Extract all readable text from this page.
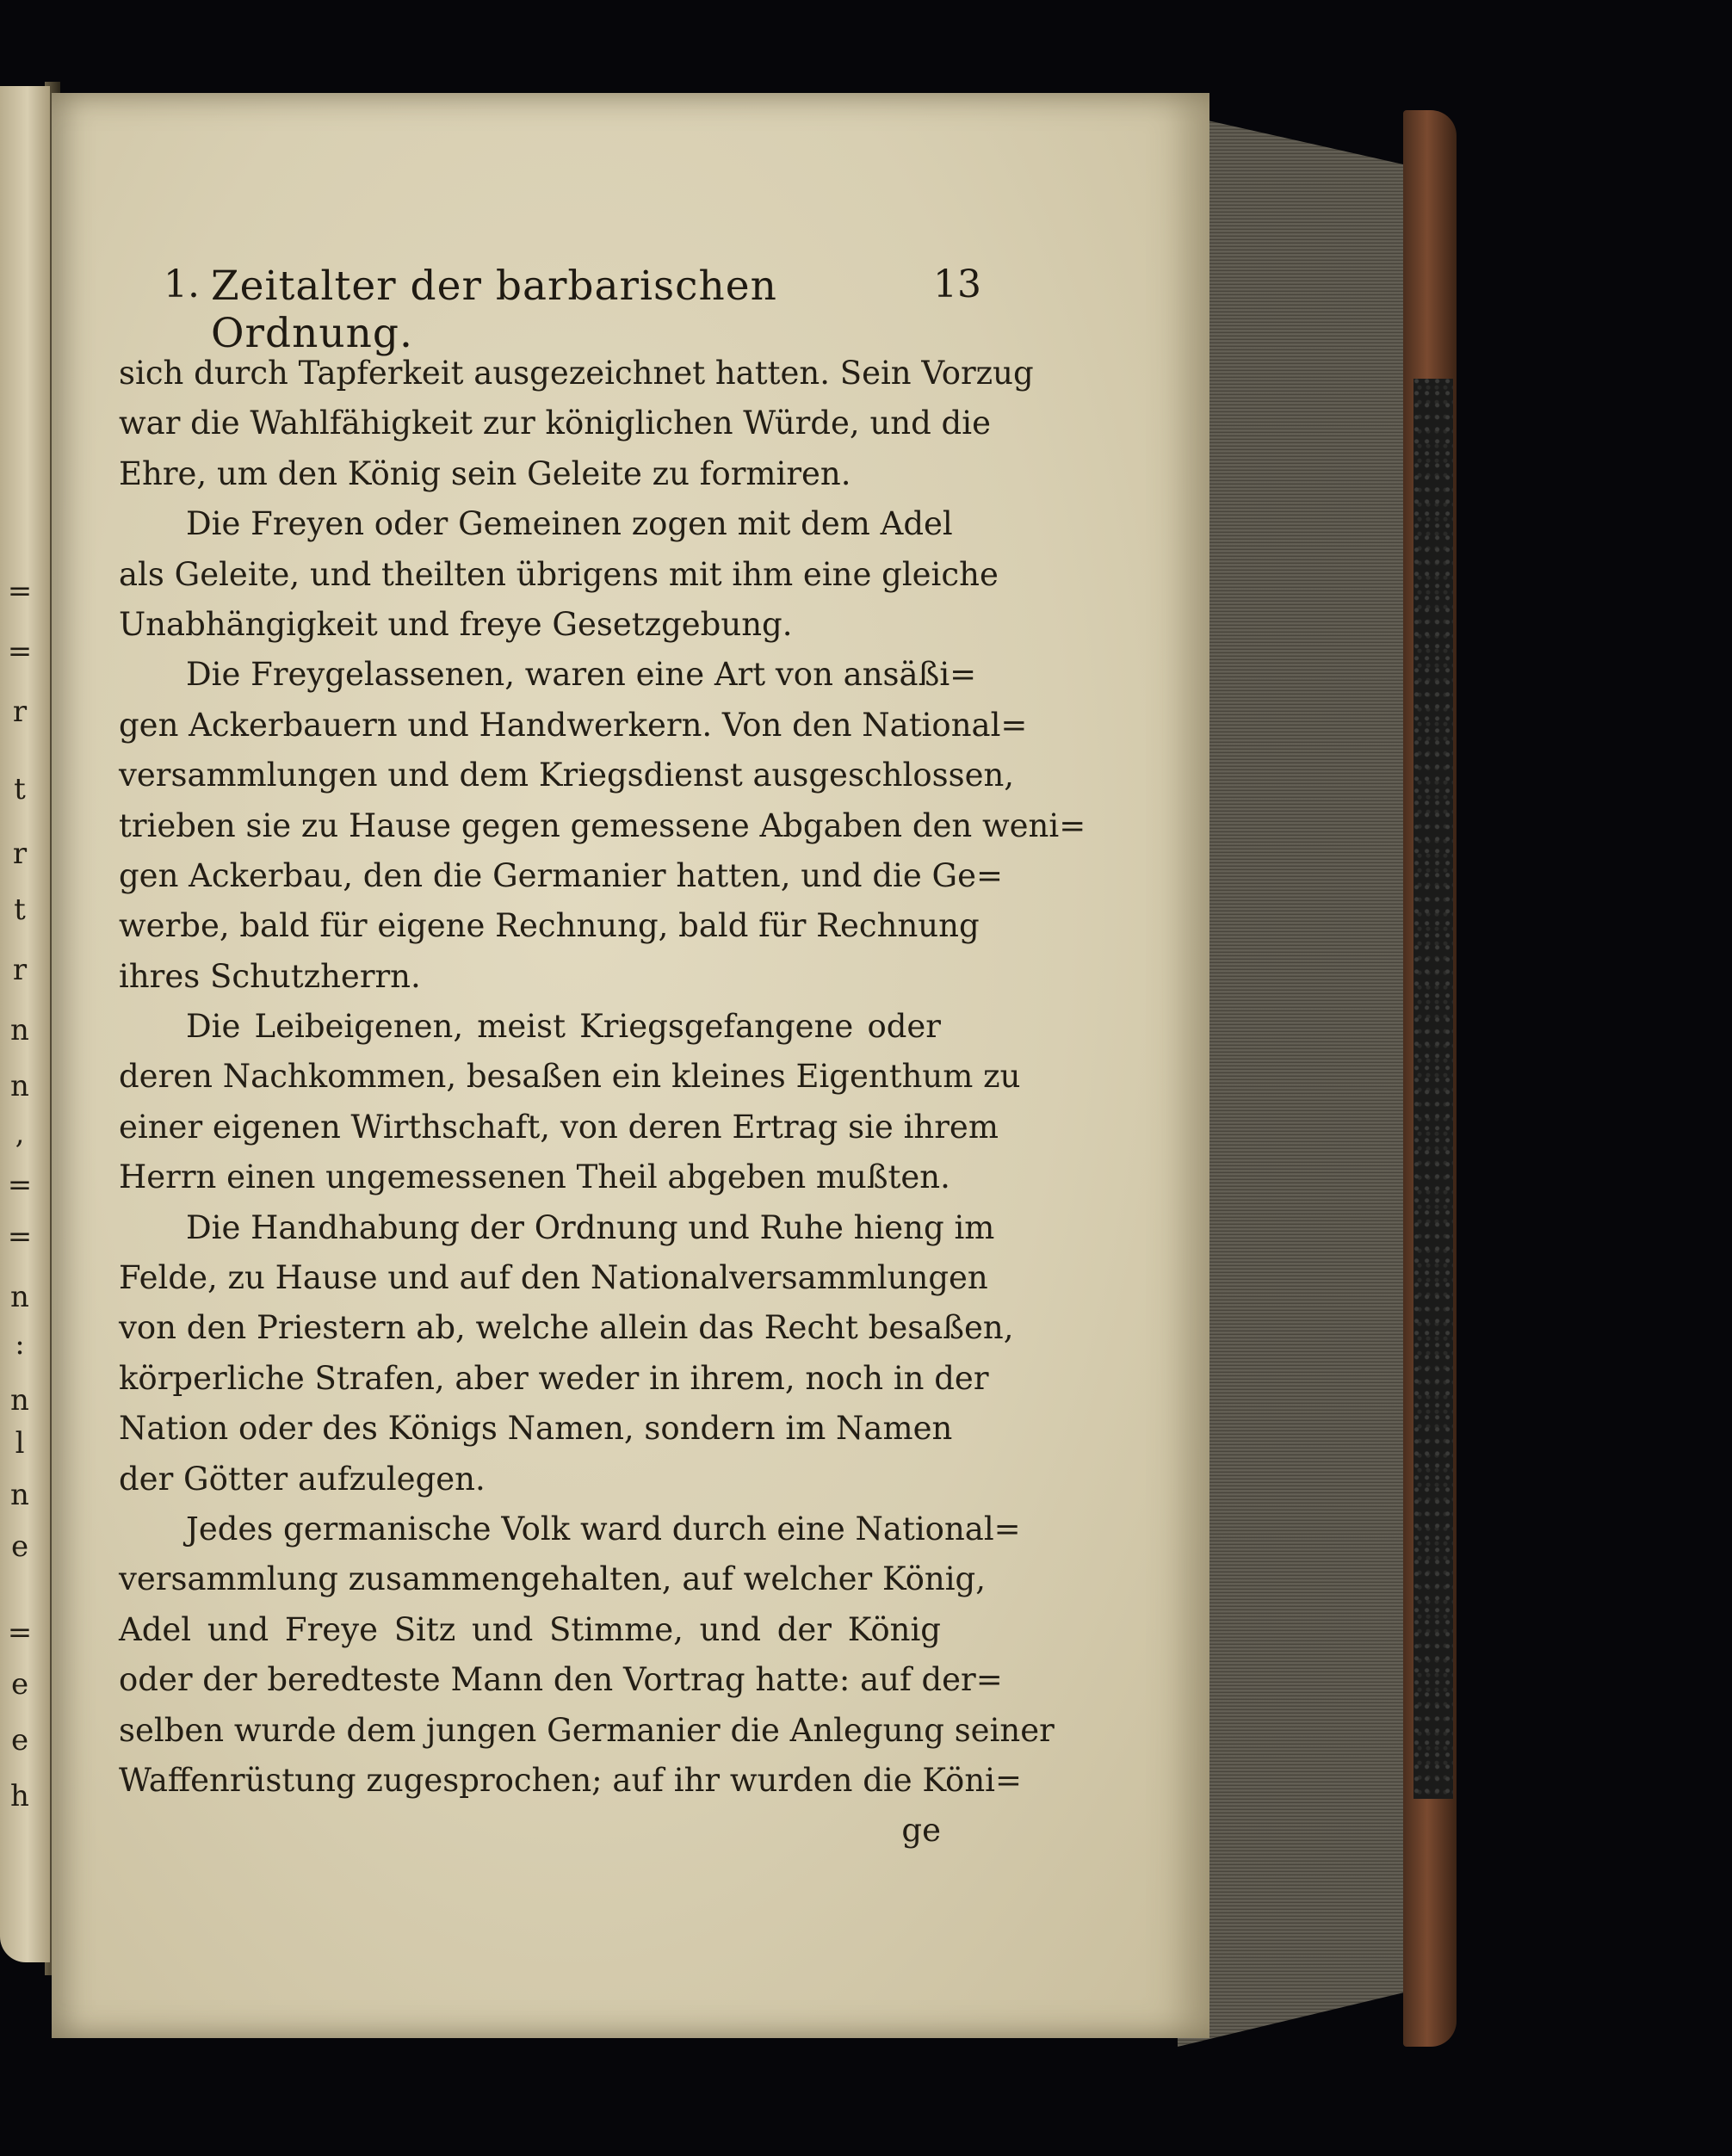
=
=
r
t
r
t
r
n
n
,
=
=
n
:
n
l
n
e
=
e
e
h
1. Zeitalter der barbarischen Ordnung.
13
sich durch Tapferkeit ausgezeichnet hatten. Sein Vorzug
war die Wahlfähigkeit zur königlichen Würde, und die
Ehre, um den König sein Geleite zu formiren.
Die Freyen oder Gemeinen zogen mit dem Adel
als Geleite, und theilten übrigens mit ihm eine gleiche
Unabhängigkeit und freye Gesetzgebung.
Die Freygelassenen, waren eine Art von ansäßi=
gen Ackerbauern und Handwerkern. Von den National=
versammlungen und dem Kriegsdienst ausgeschlossen,
trieben sie zu Hause gegen gemessene Abgaben den weni=
gen Ackerbau, den die Germanier hatten, und die Ge=
werbe, bald für eigene Rechnung, bald für Rechnung
ihres Schutzherrn.
Die Leibeigenen, meist Kriegsgefangene oder
deren Nachkommen, besaßen ein kleines Eigenthum zu
einer eigenen Wirthschaft, von deren Ertrag sie ihrem
Herrn einen ungemessenen Theil abgeben mußten.
Die Handhabung der Ordnung und Ruhe hieng im
Felde, zu Hause und auf den Nationalversammlungen
von den Priestern ab, welche allein das Recht besaßen,
körperliche Strafen, aber weder in ihrem, noch in der
Nation oder des Königs Namen, sondern im Namen
der Götter aufzulegen.
Jedes germanische Volk ward durch eine National=
versammlung zusammengehalten, auf welcher König,
Adel und Freye Sitz und Stimme, und der König
oder der beredteste Mann den Vortrag hatte: auf der=
selben wurde dem jungen Germanier die Anlegung seiner
Waffenrüstung zugesprochen; auf ihr wurden die Köni=
ge
